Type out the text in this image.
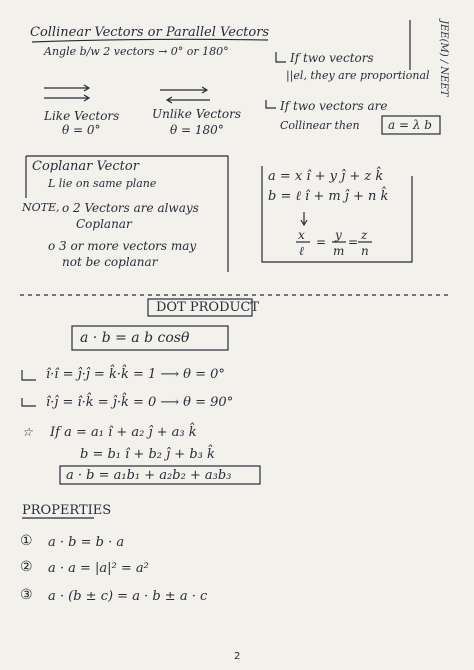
Collinear Vectors or Parallel Vectors
Angle b/w 2 vectors → 0° or 180°
Like Vectors
θ = 0°
Unlike Vectors
θ = 180°
If two vectors
||el, they are proportional
If two vectors are
Collinear then a = λ b
JEE(M) / NEET
Coplanar Vector
L lie on same plane
NOTE, o 2 Vectors are always
Coplanar
o 3 or more vectors may
not be coplanar
a = x î + y ĵ + z k̂
b = ℓ î + m ĵ + n k̂
x
ℓ
y
m
z
n
= =
DOT PRODUCT
a · b = a b cosθ
î·î = ĵ·ĵ = k̂·k̂ = 1 ⟶ θ = 0°
î·ĵ = î·k̂ = ĵ·k̂ = 0 ⟶ θ = 90°
☆ If a = a₁ î + a₂ ĵ + a₃ k̂
b = b₁ î + b₂ ĵ + b₃ k̂
a · b = a₁b₁ + a₂b₂ + a₃b₃
PROPERTIES
① a · b = b · a
② a · a = |a|² = a²
③ a · (b ± c) = a · b ± a · c
2
